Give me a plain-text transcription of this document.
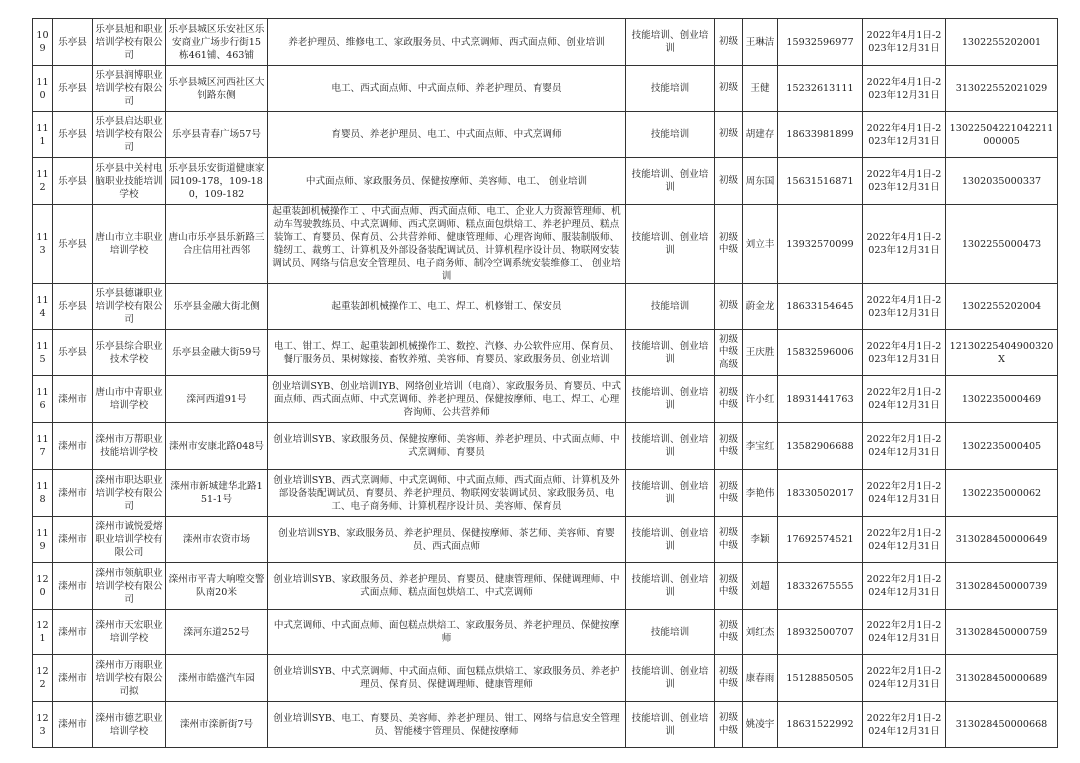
109	乐亭县	乐亭县旭和职业培训学校有限公司	乐亭县城区乐安社区乐安商业广场步行街15栋461铺、463铺	养老护理员、维修电工、家政服务员、中式烹调师、西式面点师、创业培训	技能培训、创业培训	初级	王琳洁	15932596977	2022年4月1日-2023年12月31日	1302255202001
110	乐亭县	乐亭县润博职业培训学校有限公司	乐亭县城区河西社区大钊路东侧	电工、西式面点师、中式面点师、养老护理员、育婴员	技能培训	初级	王健	15232613111	2022年4月1日-2023年12月31日	313022552021029
111	乐亭县	乐亭县启达职业培训学校有限公司	乐亭县青春广场57号	育婴员、养老护理员、电工、中式面点师、中式烹调师	技能培训	初级	胡建存	18633981899	2022年4月1日-2023年12月31日	13022504221042211000005
112	乐亭县	乐亭县中关村电脑职业技能培训学校	乐亭县乐安街道健康家园109-178，109-180，109-182	中式面点师、家政服务员、保健按摩师、美容师、电工、 创业培训	技能培训、创业培训	初级	周东国	15631516871	2022年4月1日-2023年12月31日	1302035000337
113	乐亭县	唐山市立丰职业培训学校	唐山市乐亭县乐新路三合庄信用社西邻	起重装卸机械操作工 、中式面点师、西式面点师、电工、企业人力资源管理师、机动车驾驶教练员、中式烹调师、西式烹调师、糕点面包烘焙工、养老护理员、糕点装饰工、育婴员、保育员、公共营养师、健康管理师、心理咨询师、服装制版师、缝纫工、裁剪工、计算机及外部设备装配调试员、计算机程序设计员、物联网安装调试员、网络与信息安全管理员、电子商务师、制冷空调系统安装维修工、 创业培训	技能培训、创业培训	初级 中级	刘立丰	13932570099	2022年4月1日-2023年12月31日	1302255000473
114	乐亭县	乐亭县德谦职业培训学校有限公司	乐亭县金融大街北侧	起重装卸机械操作工、电工、焊工、机修钳工、保安员	技能培训	初级	蔚金龙	18633154645	2022年4月1日-2023年12月31日	1302255202004
115	乐亭县	乐亭县综合职业技术学校	乐亭县金融大街59号	电工、钳工、焊工、起重装卸机械操作工、数控、汽修、办公软件应用、保育员、餐厅服务员、果树嫁接、畜牧养殖、美容师、育婴员、家政服务员、创业培训	技能培训、创业培训	初级 中级 高级	王庆胜	15832596006	2022年4月1日-2023年12月31日	12130225404900320X
116	滦州市	唐山市中青职业培训学校	滦河西道91号	创业培训SYB、创业培训IYB、网络创业培训（电商）、家政服务员、育婴员、中式面点师、西式面点师、中式烹调师、养老护理员、保健按摩师、电工、焊工、心理咨询师、公共营养师	技能培训、创业培训	初级 中级	许小红	18931441763	2022年2月1日-2024年12月31日	1302235000469
117	滦州市	滦州市万帮职业技能培训学校	滦州市安康北路048号	创业培训SYB、家政服务员、保健按摩师、美容师、养老护理员、中式面点师、中式烹调师、育婴员	技能培训、创业培训	初级 中级	李宝红	13582906688	2022年2月1日-2024年12月31日	1302235000405
118	滦州市	滦州市职达职业培训学校有限公司	滦州市新城建华北路151-1号	创业培训SYB、西式烹调师、中式烹调师、中式面点师、西式面点师、计算机及外部设备装配调试员、育婴员、养老护理员、物联网安装调试员、家政服务员、电工、电子商务师、计算机程序设计员、美容师、保育员	技能培训、创业培训	初级 中级	李艳伟	18330502017	2022年2月1日-2024年12月31日	1302235000062
119	滦州市	滦州市诚悦爱熔职业培训学校有限公司	滦州市农资市场	创业培训SYB、家政服务员、养老护理员、保健按摩师、茶艺师、美容师、育婴员、西式面点师	技能培训、创业培训	初级 中级	李颖	17692574521	2022年2月1日-2024年12月31日	313028450000649
120	滦州市	滦州市领航职业培训学校有限公司	滦州市平青大响嘡交警队南20米	创业培训SYB、家政服务员、养老护理员、育婴员、健康管理师、保健调理师、中式面点师、糕点面包烘焙工、中式烹调师	技能培训、创业培训	初级 中级	刘超	18332675555	2022年2月1日-2024年12月31日	313028450000739
121	滦州市	滦州市天宏职业培训学校	滦河东道252号	中式烹调师、中式面点师、面包糕点烘焙工、家政服务员、养老护理员、保健按摩师	技能培训	初级 中级	刘红杰	18932500707	2022年2月1日-2024年12月31日	313028450000759
122	滦州市	滦州市万雨职业培训学校有限公司拟	滦州市皓盛汽车园	创业培训SYB、中式烹调师、中式面点师、面包糕点烘焙工、家政服务员、养老护理员、保育员、保健调理师、健康管理师	技能培训、创业培训	初级 中级	康春雨	15128850505	2022年2月1日-2024年12月31日	313028450000689
123	滦州市	滦州市德艺职业培训学校	滦州市滦新街7号	创业培训SYB、电工、育婴员、美容师、养老护理员、钳工、网络与信息安全管理员、智能楼宇管理员、保健按摩师	技能培训、创业培训	初级 中级	姚凌宇	18631522992	2022年2月1日-2024年12月31日	313028450000668
